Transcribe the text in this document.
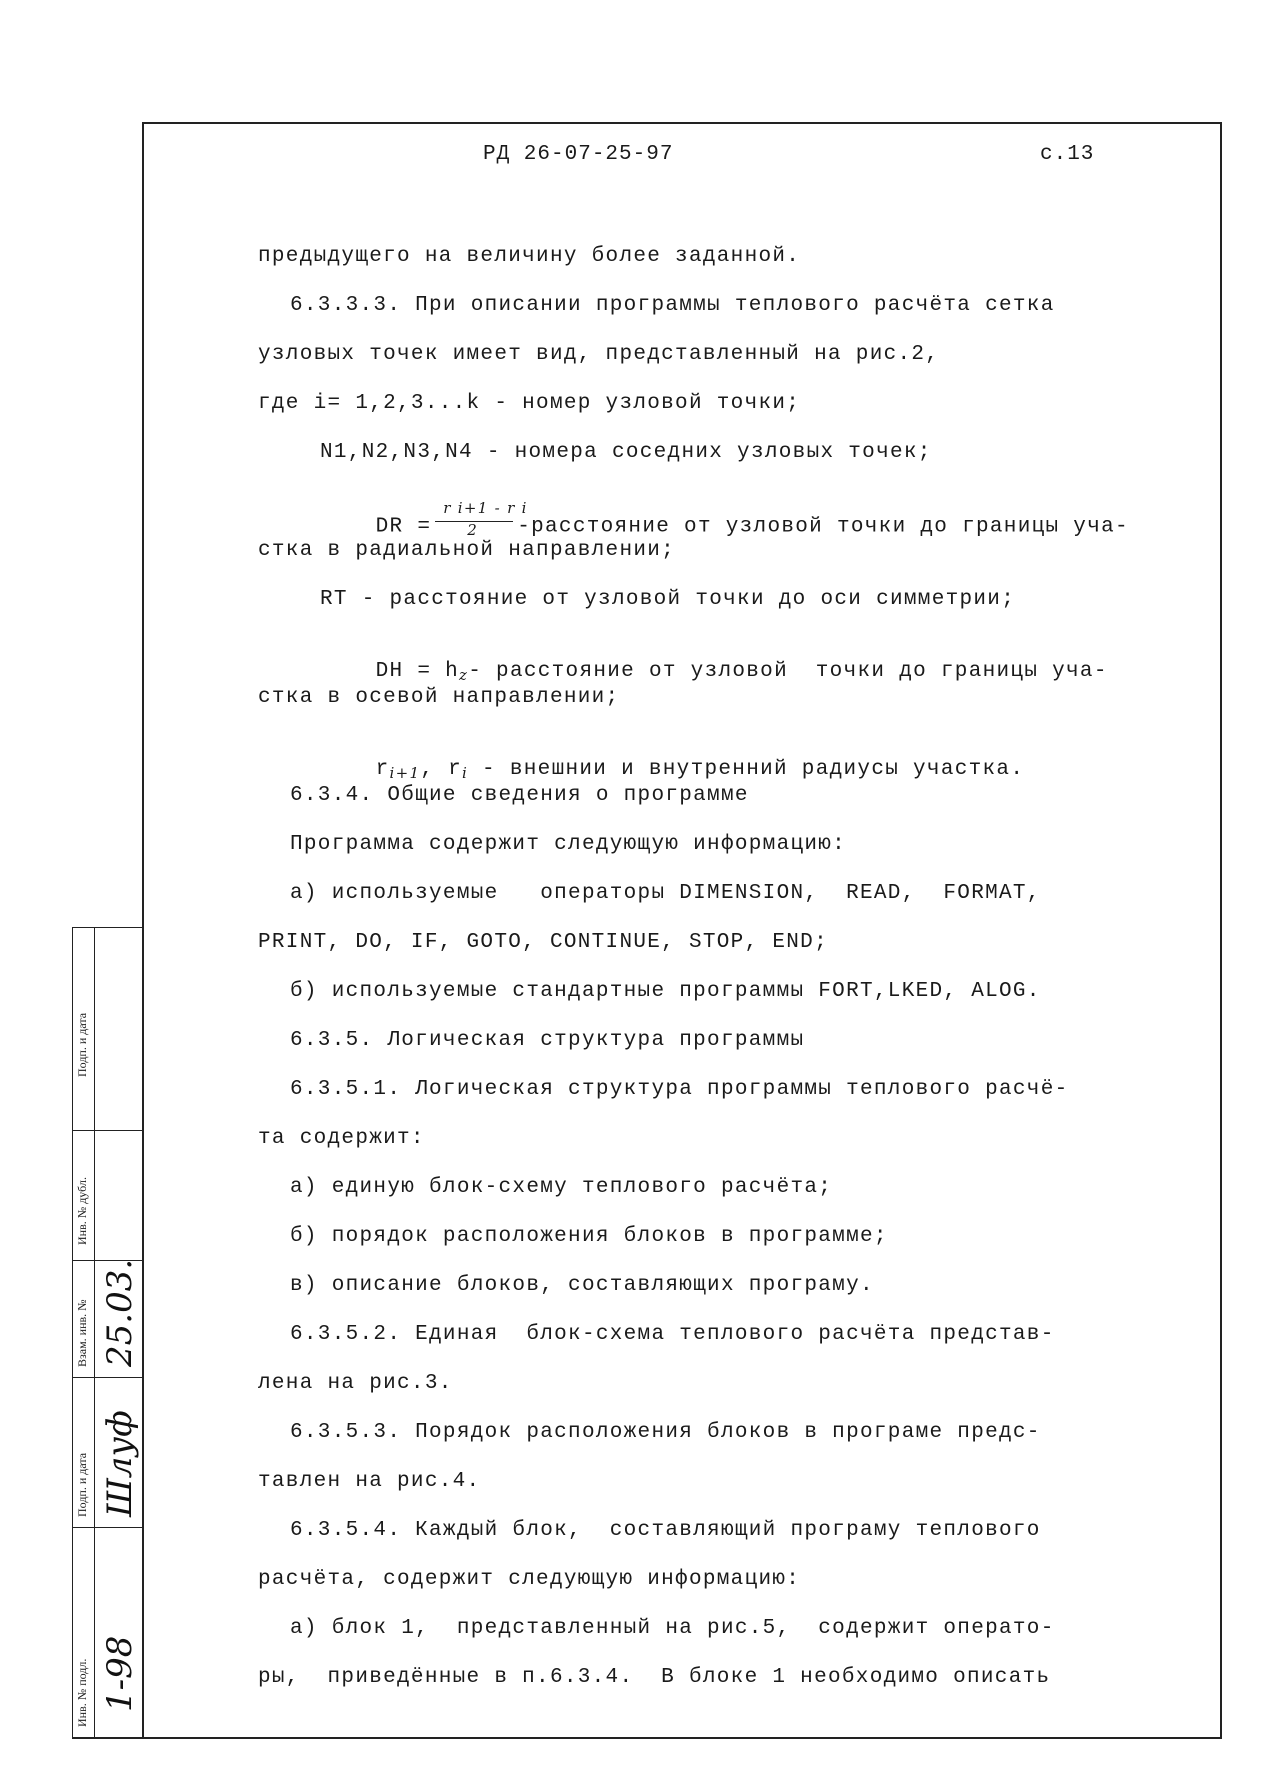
РД 26-07-25-97	с.13
предыдущего на величину более заданной.
6.3.3.3. При описании программы теплового расчёта сетка
узловых точек имеет вид, представленный на рис.2,
где i= 1,2,3...k - номер узловой точки;
N1,N2,N3,N4 - номера соседних узловых точек;

DR = $\frac{\text{r i+1 - r i}}{2}$ -расстояние от узловой точки до границы уча-

стка в радиальной направлении;
RT - расстояние от узловой точки до оси симметрии;

DH = $h_z-$ расстояние от узловой  точки до границы уча-

стка в осевой направлении;

$r_{i+1}$, $r_i$ - внешнии и внутренний радиусы участка.

6.3.4. Общие сведения о программе
Программа содержит следующую информацию:
а) используемые   операторы DIMENSION,  READ,  FORMAT,
PRINT, DO, IF, GOTO, CONTINUE, STOP, END;
б) используемые стандартные программы FORT,LKED, ALOG.
6.3.5. Логическая структура программы
6.3.5.1. Логическая структура программы теплового расчё-
та содержит:
а) единую блок-схему теплового расчёта;
б) порядок расположения блоков в программе;
в) описание блоков, составляющих програму.
6.3.5.2. Единая  блок-схема теплового расчёта представ-
лена на рис.3.
6.3.5.3. Порядок расположения блоков в програме предс-
тавлен на рис.4.
6.3.5.4. Каждый блок,  составляющий програму теплового
расчёта, содержит следующую информацию:
а) блок 1,  представленный на рис.5,  содержит операто-
ры,  приведённые в п.6.3.4.  В блоке 1 необходимо описать
Подп. и дата
Инв. № дубл.
Взам. инв. №
Подп. и дата
Инв. № подл.
25.03.
Шлуф
1-98
